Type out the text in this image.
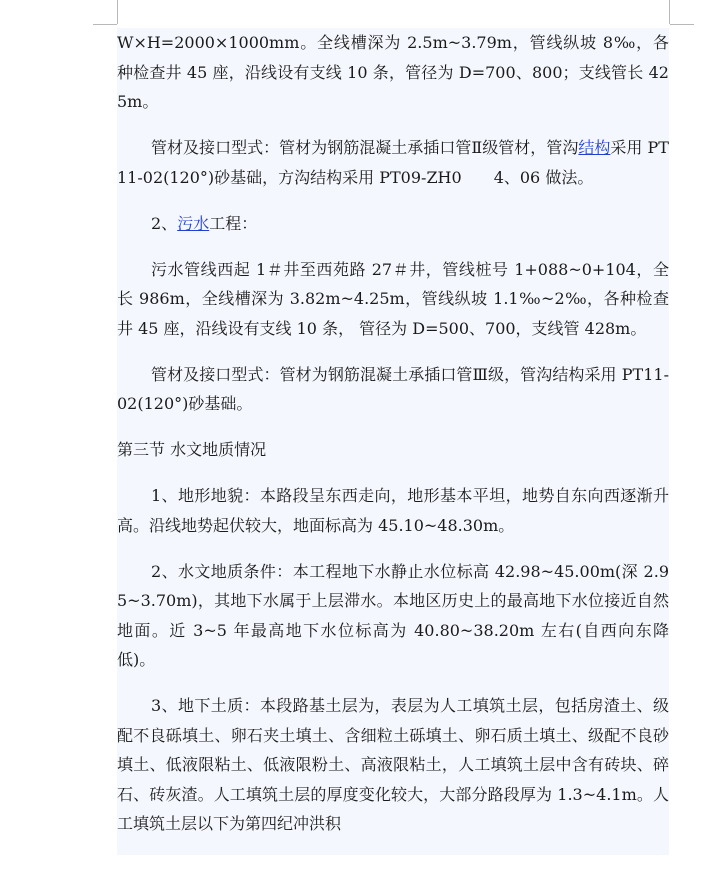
W×H=2000×1000mm。全线槽深为 2.5m~3.79m，管线纵坡 8‰，各种检查井 45 座，沿线设有支线 10 条，管径为 D=700、800；支线管长 425m。

管材及接口型式：管材为钢筋混凝土承插口管Ⅱ级管材，管沟结构采用 PT11-02(120°)砂基础，方沟结构采用 PT09-ZH0　　4、06 做法。

2、污水工程：

污水管线西起 1＃井至西苑路 27＃井，管线桩号 1+088~0+104，全长 986m，全线槽深为 3.82m~4.25m，管线纵坡 1.1‰~2‰，各种检查井 45 座，沿线设有支线 10 条， 管径为 D=500、700，支线管 428m。

管材及接口型式：管材为钢筋混凝土承插口管Ⅲ级，管沟结构采用 PT11-02(120°)砂基础。

第三节 水文地质情况

1、地形地貌：本路段呈东西走向，地形基本平坦，地势自东向西逐渐升高。沿线地势起伏较大，地面标高为 45.10~48.30m。

2、水文地质条件：本工程地下水静止水位标高 42.98~45.00m(深 2.95~3.70m)，其地下水属于上层滞水。本地区历史上的最高地下水位接近自然地面。近 3~5 年最高地下水位标高为 40.80~38.20m 左右(自西向东降低)。

3、地下土质：本段路基土层为，表层为人工填筑土层，包括房渣土、级配不良砾填土、卵石夹土填土、含细粒土砾填土、卵石质土填土、级配不良砂填土、低液限粘土、低液限粉土、高液限粘土，人工填筑土层中含有砖块、碎石、砖灰渣。人工填筑土层的厚度变化较大，大部分路段厚为 1.3~4.1m。人工填筑土层以下为第四纪冲洪积
